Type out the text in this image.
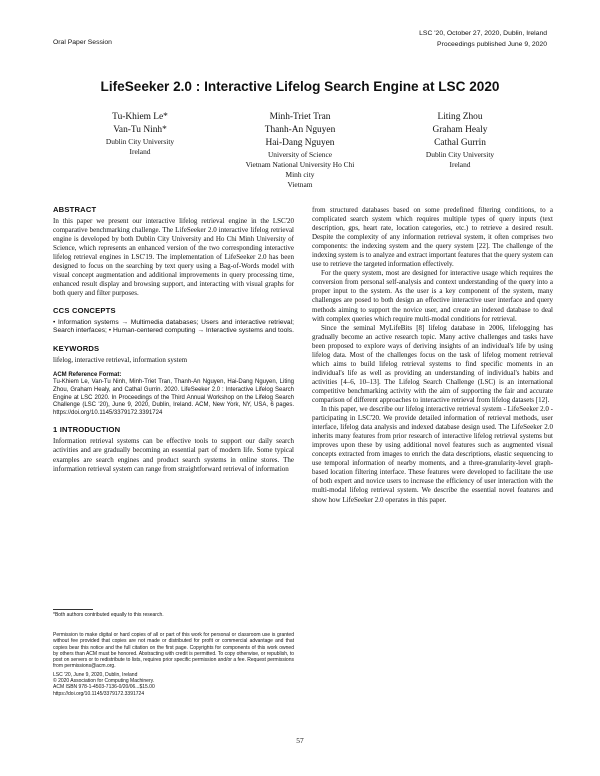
Oral Paper Session
LSC '20, October 27, 2020, Dublin, Ireland
Proceedings published June 9, 2020
LifeSeeker 2.0 : Interactive Lifelog Search Engine at LSC 2020
Tu-Khiem Le*
Van-Tu Ninh*
Dublin City University
Ireland
Minh-Triet Tran
Thanh-An Nguyen
Hai-Dang Nguyen
University of Science
Vietnam National University Ho Chi
Minh city
Vietnam
Liting Zhou
Graham Healy
Cathal Gurrin
Dublin City University
Ireland
ABSTRACT

In this paper we present our interactive lifelog retrieval engine in the LSC'20 comparative benchmarking challenge. The LifeSeeker 2.0 interactive lifelog retrieval engine is developed by both Dublin City University and Ho Chi Minh University of Science, which represents an enhanced version of the two corresponding interactive lifelog retrieval engines in LSC'19. The implementation of LifeSeeker 2.0 has been designed to focus on the searching by text query using a Bag-of-Words model with visual concept augmentation and additional improvements in query processing time, enhanced result display and browsing support, and interacting with visual graphs for both query and filter purposes.

CCS CONCEPTS

• Information systems → Multimedia databases; Users and interactive retrieval; Search interfaces; • Human-centered computing → Interactive systems and tools.

KEYWORDS

lifelog, interactive retrieval, information system

ACM Reference Format:

Tu-Khiem Le, Van-Tu Ninh, Minh-Triet Tran, Thanh-An Nguyen, Hai-Dang Nguyen, Liting Zhou, Graham Healy, and Cathal Gurrin. 2020. LifeSeeker 2.0 : Interactive Lifelog Search Engine at LSC 2020. In Proceedings of the Third Annual Workshop on the Lifelog Search Challenge (LSC '20), June 9, 2020, Dublin, Ireland. ACM, New York, NY, USA, 6 pages. https://doi.org/10.1145/3379172.3391724

1 INTRODUCTION

Information retrieval systems can be effective tools to support our daily search activities and are gradually becoming an essential part of modern life. Some typical examples are search engines and product search systems in online stores. The information retrieval system can range from straightforward retrieval of information

*Both authors contributed equally to this research.

Permission to make digital or hard copies of all or part of this work for personal or classroom use is granted without fee provided that copies are not made or distributed for profit or commercial advantage and that copies bear this notice and the full citation on the first page. Copyrights for components of this work owned by others than ACM must be honored. Abstracting with credit is permitted. To copy otherwise, or republish, to post on servers or to redistribute to lists, requires prior specific permission and/or a fee. Request permissions from permissions@acm.org.

LSC '20, June 9, 2020, Dublin, Ireland
© 2020 Association for Computing Machinery.
ACM ISBN 978-1-4503-7136-0/20/06...$15.00
https://doi.org/10.1145/3379172.3391724

from structured databases based on some predefined filtering conditions, to a complicated search system which requires multiple types of query inputs (text description, gps, heart rate, location categories, etc.) to retrieve a desired result. Despite the complexity of any information retrieval system, it often comprises two components: the indexing system and the query system [22]. The challenge of the indexing system is to analyze and extract important features that the query system can use to retrieve the targeted information effectively.

For the query system, most are designed for interactive usage which requires the conversion from personal self-analysis and context understanding of the query into a proper input to the system. As the user is a key component of the system, many challenges are posed to both design an effective interactive user interface and query methods aiming to support the novice user, and create an indexed database to deal with complex queries which require multi-modal conditions for retrieval.

Since the seminal MyLifeBits [8] lifelog database in 2006, lifelogging has gradually become an active research topic. Many active challenges and tasks have been proposed to explore ways of deriving insights of an individual's life by using lifelog data. Most of the challenges focus on the task of lifelog moment retrieval which aims to build lifelog retrieval systems to find specific moments in an individual's life as well as providing an understanding of individual's habits and activities [4–6, 10–13]. The Lifelog Search Challenge (LSC) is an international competitive benchmarking activity with the aim of supporting the fair and accurate comparison of different approaches to interactive retrieval from lifelog datasets [12].

In this paper, we describe our lifelog interactive retrieval system - LifeSeeker 2.0 - participating in LSC'20. We provide detailed information of retrieval methods, user interface, lifelog data analysis and indexed database design used. The LifeSeeker 2.0 inherits many features from prior research of interactive lifelog retrieval systems but improves upon these by using additional novel features such as augmented visual concepts extracted from images to enrich the data descriptions, elastic sequencing to use temporal information of nearby moments, and a three-granularity-level graph-based location filtering interface. These features were developed to facilitate the use of both expert and novice users to increase the efficiency of user interaction with the multi-modal lifelog retrieval system. We describe the essential novel features and show how LifeSeeker 2.0 operates in this paper.

57
